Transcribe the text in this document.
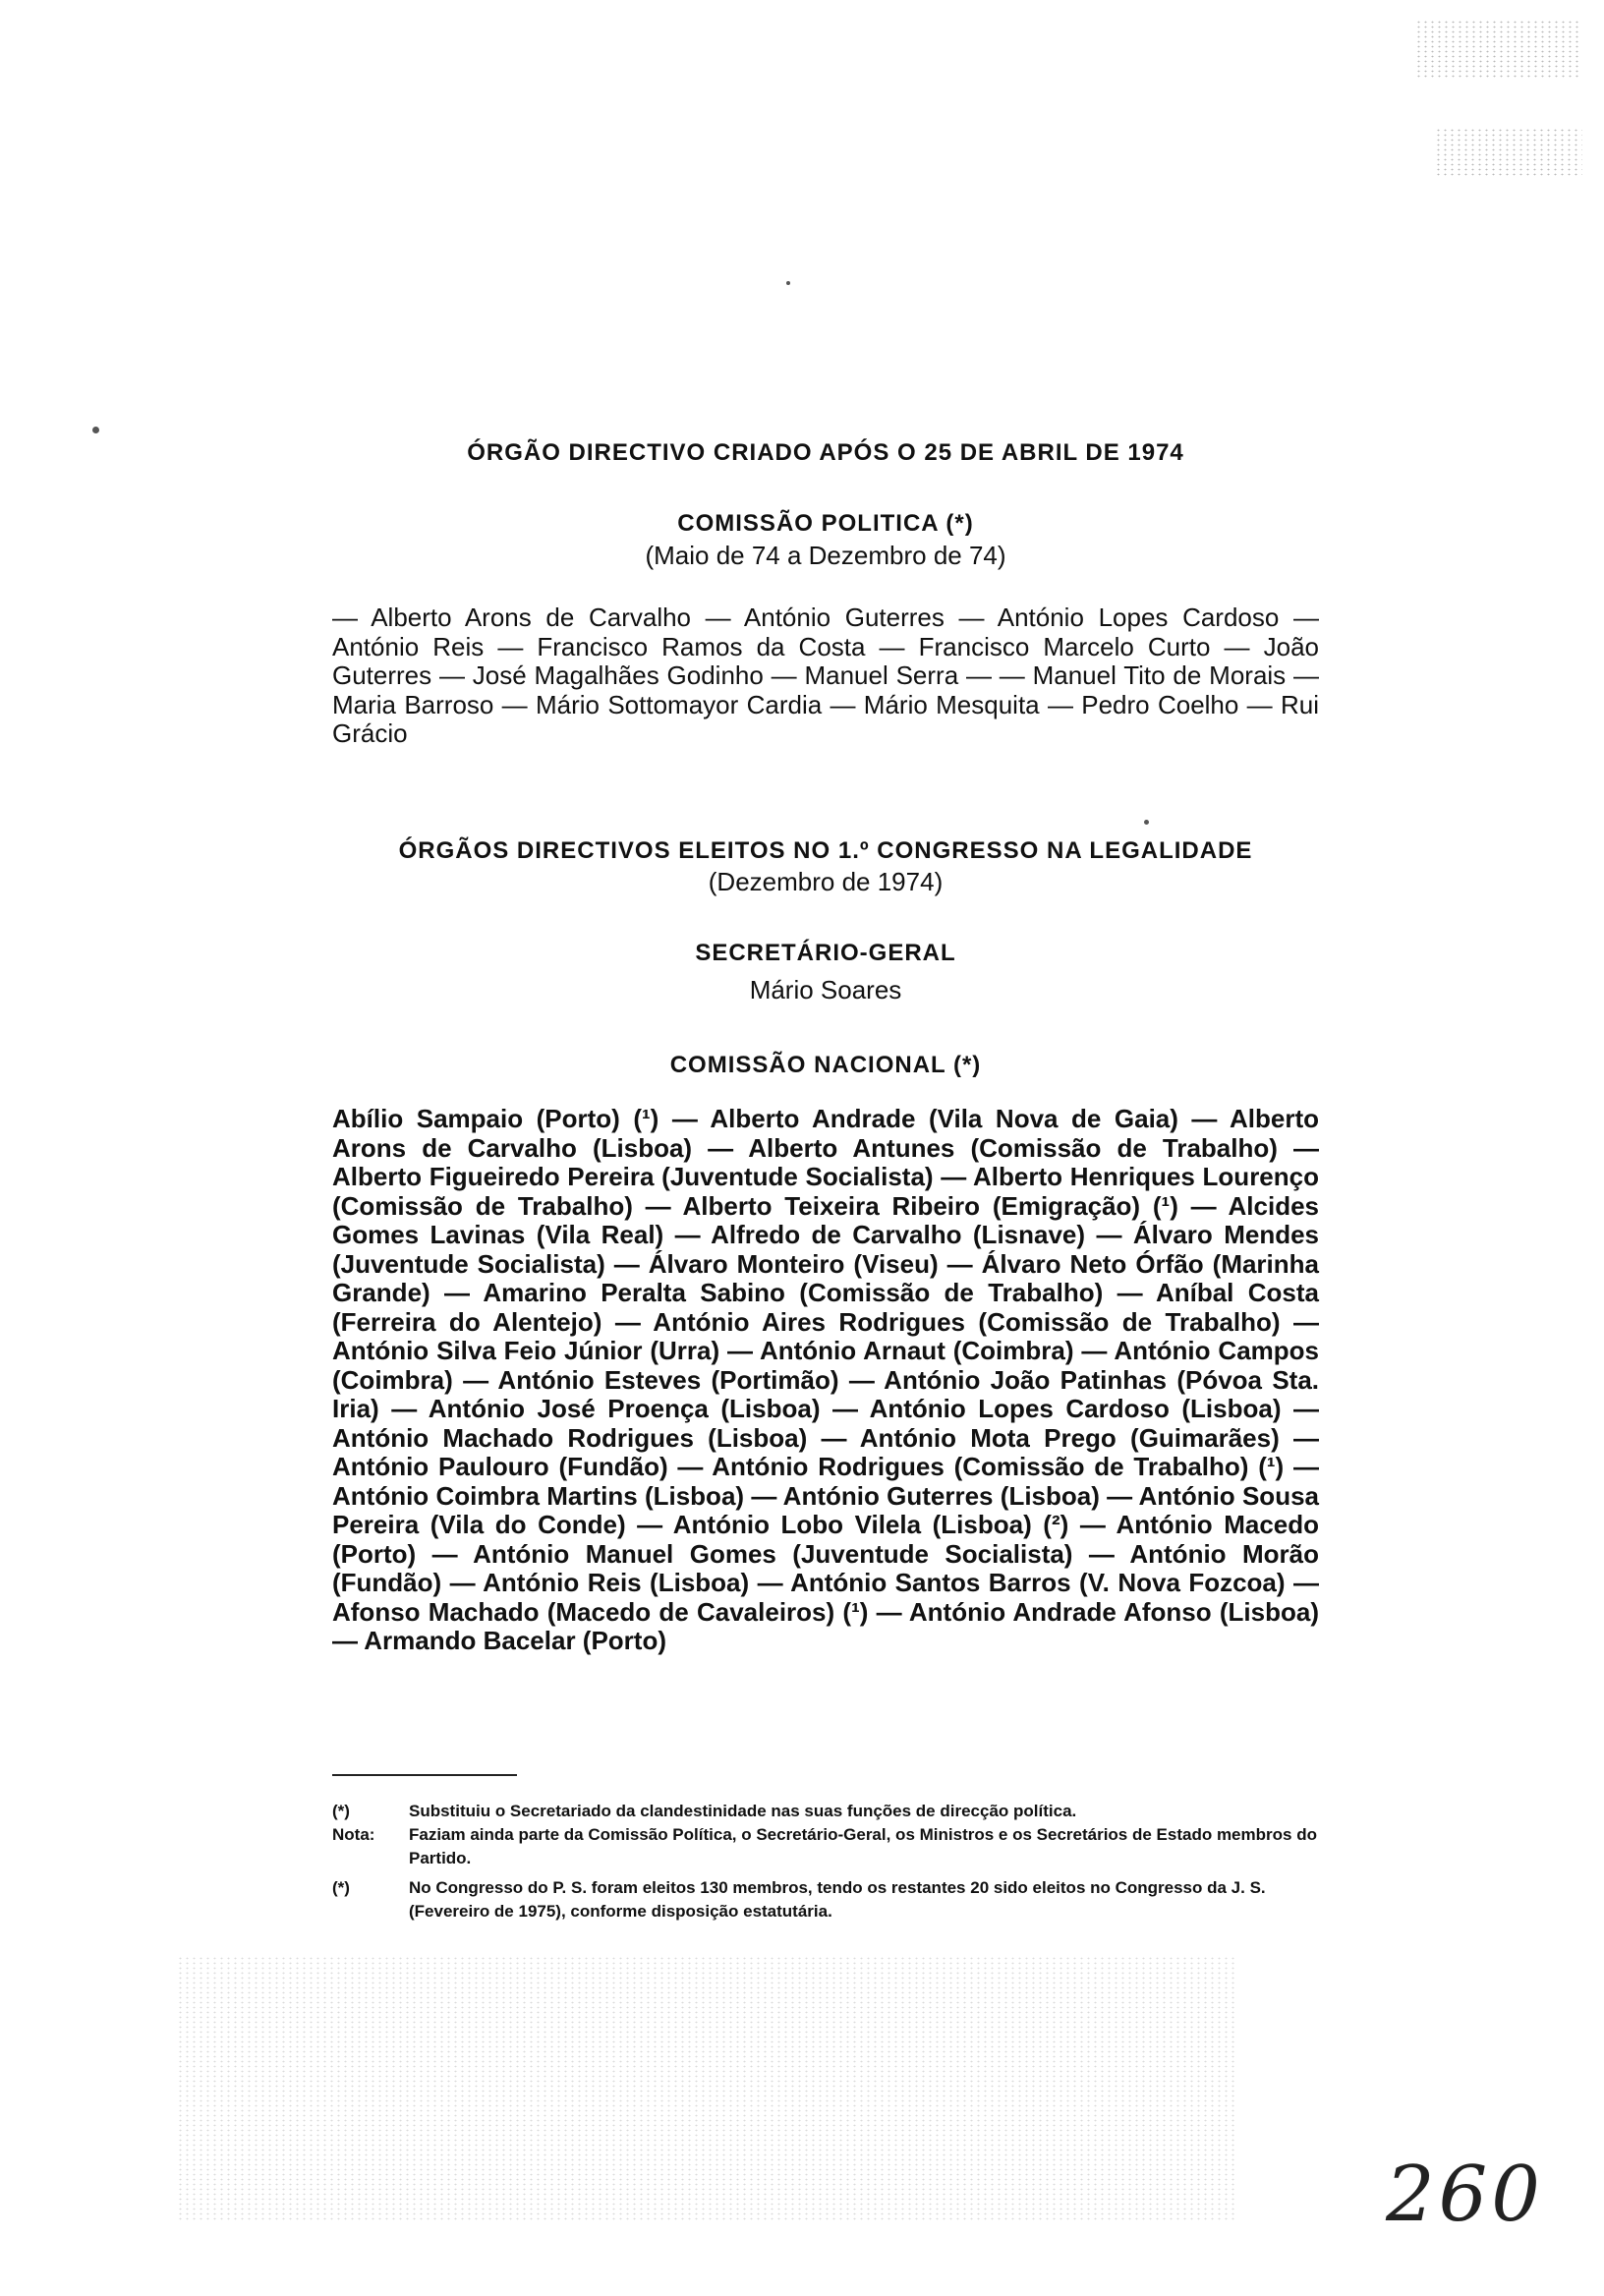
ÓRGÃO DIRECTIVO CRIADO APÓS O 25 DE ABRIL DE 1974
COMISSÃO POLITICA (*)
(Maio de 74 a Dezembro de 74)
— Alberto Arons de Carvalho — António Guterres — António Lopes Cardoso — António Reis — Francisco Ramos da Costa — Francisco Marcelo Curto — João Guterres — José Magalhães Godinho — Manuel Serra — — Manuel Tito de Morais — Maria Barroso — Mário Sottomayor Cardia — Mário Mesquita — Pedro Coelho — Rui Grácio
ÓRGÃOS DIRECTIVOS ELEITOS NO 1.º CONGRESSO NA LEGALIDADE
(Dezembro de 1974)
SECRETÁRIO-GERAL
Mário Soares
COMISSÃO NACIONAL (*)
Abílio Sampaio (Porto) (¹) — Alberto Andrade (Vila Nova de Gaia) — Alberto Arons de Carvalho (Lisboa) — Alberto Antunes (Comissão de Trabalho) — Alberto Figueiredo Pereira (Juventude Socialista) — Alberto Henriques Lourenço (Comissão de Trabalho) — Alberto Teixeira Ribeiro (Emigração) (¹) — Alcides Gomes Lavinas (Vila Real) — Alfredo de Carvalho (Lisnave) — Álvaro Mendes (Juventude Socialista) — Álvaro Monteiro (Viseu) — Álvaro Neto Órfão (Marinha Grande) — Amarino Peralta Sabino (Comissão de Trabalho) — Aníbal Costa (Ferreira do Alentejo) — António Aires Rodrigues (Comissão de Trabalho) — António Silva Feio Júnior (Urra) — António Arnaut (Coimbra) — António Campos (Coimbra) — António Esteves (Portimão) — António João Patinhas (Póvoa Sta. Iria) — António José Proença (Lisboa) — António Lopes Cardoso (Lisboa) — António Machado Rodrigues (Lisboa) — António Mota Prego (Guimarães) — António Paulouro (Fundão) — António Rodrigues (Comissão de Trabalho) (¹) — António Coimbra Martins (Lisboa) — António Guterres (Lisboa) — António Sousa Pereira (Vila do Conde) — António Lobo Vilela (Lisboa) (²) — António Macedo (Porto) — António Manuel Gomes (Juventude Socialista) — António Morão (Fundão) — António Reis (Lisboa) — António Santos Barros (V. Nova Fozcoa) — Afonso Machado (Macedo de Cavaleiros) (¹) — António Andrade Afonso (Lisboa) — Armando Bacelar (Porto)
(*)	Substituiu o Secretariado da clandestinidade nas suas funções de direcção política.
Nota:	Faziam ainda parte da Comissão Política, o Secretário-Geral, os Ministros e os Secretários de Estado membros do Partido.
(*)	No Congresso do P. S. foram eleitos 130 membros, tendo os restantes 20 sido eleitos no Congresso da J. S. (Fevereiro de 1975), conforme disposição estatutária.
260
